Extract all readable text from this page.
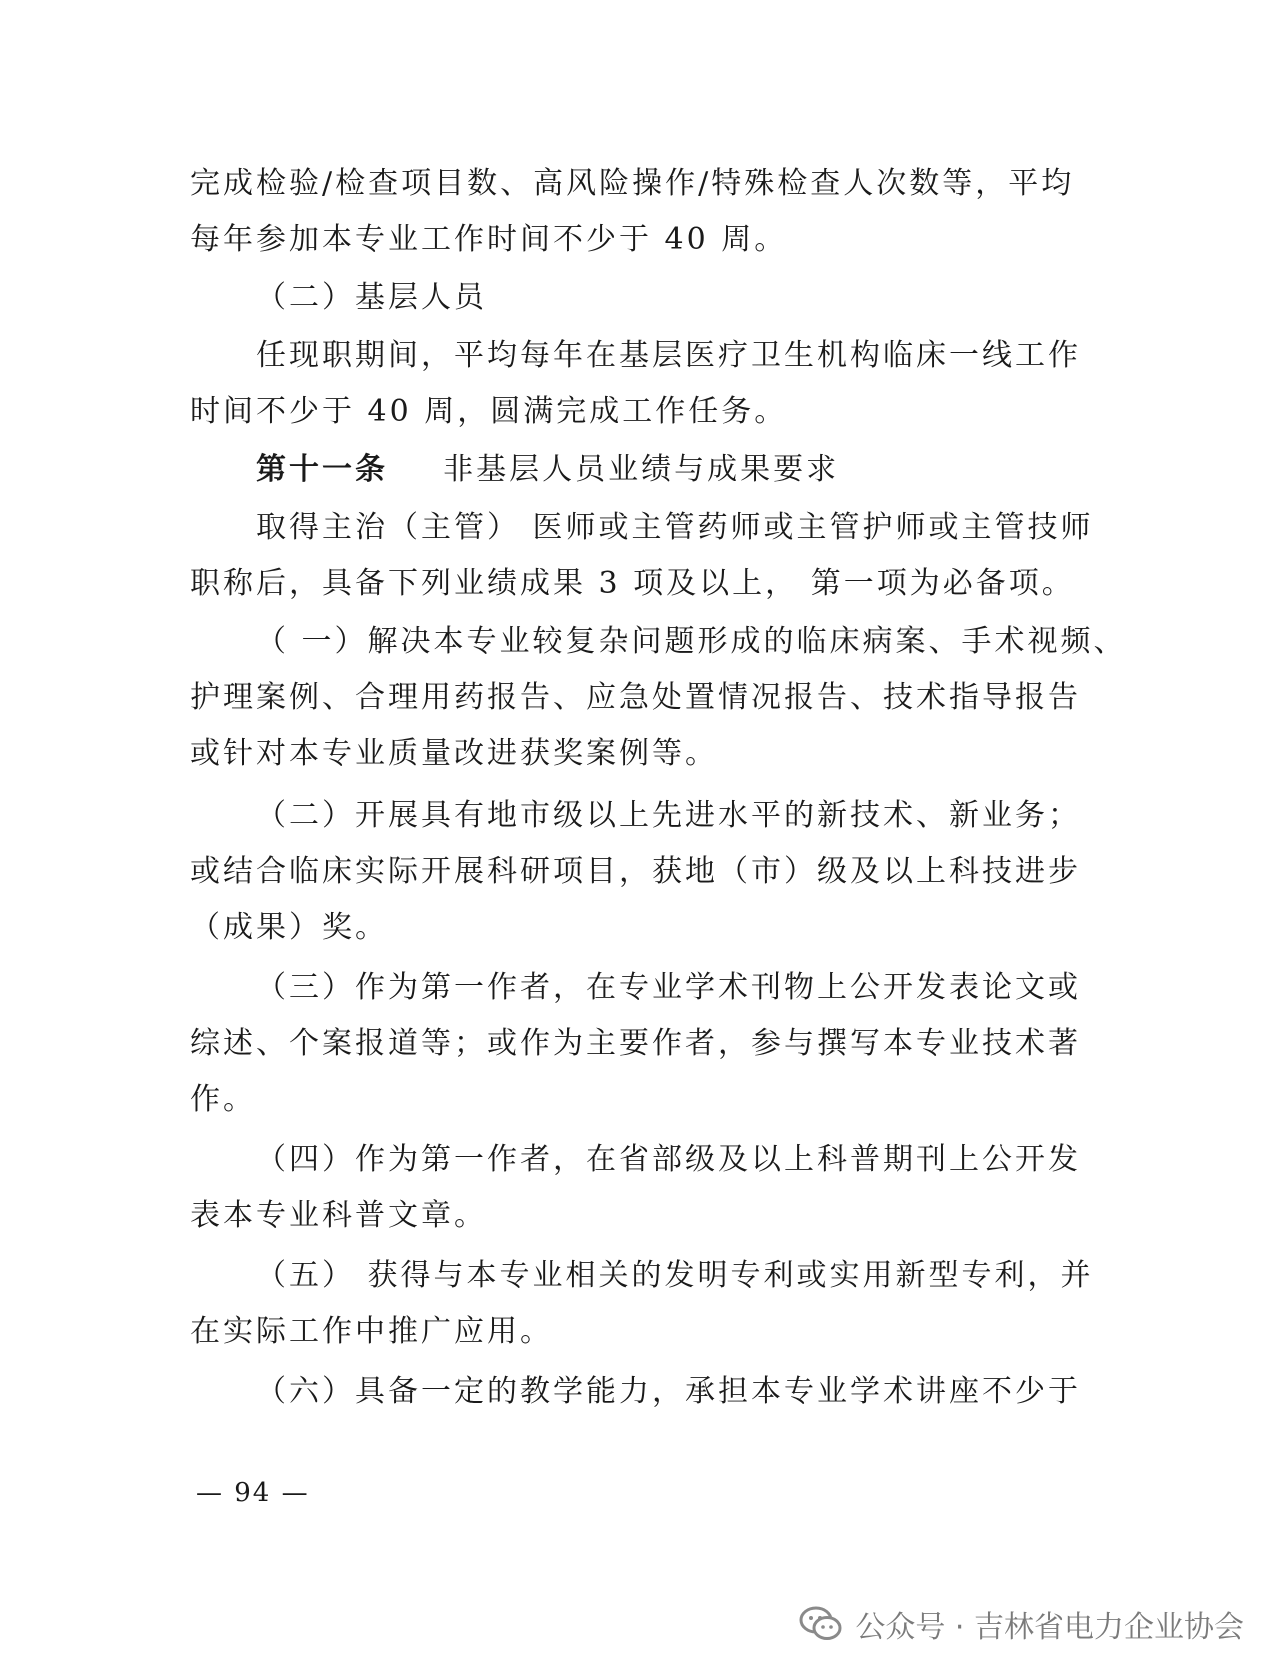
完成检验/检查项目数、高风险操作/特殊检查人次数等，平均
每年参加本专业工作时间不少于 40 周。
（二）基层人员
任现职期间，平均每年在基层医疗卫生机构临床一线工作
时间不少于 40 周，圆满完成工作任务。
第十一条 非基层人员业绩与成果要求
取得主治（主管） 医师或主管药师或主管护师或主管技师
职称后，具备下列业绩成果 3 项及以上， 第一项为必备项。
（ 一）解决本专业较复杂问题形成的临床病案、手术视频、
护理案例、合理用药报告、应急处置情况报告、技术指导报告
或针对本专业质量改进获奖案例等。
（二）开展具有地市级以上先进水平的新技术、新业务；
或结合临床实际开展科研项目，获地（市）级及以上科技进步
（成果）奖。
（三）作为第一作者，在专业学术刊物上公开发表论文或
综述、个案报道等；或作为主要作者，参与撰写本专业技术著
作。
（四）作为第一作者，在省部级及以上科普期刊上公开发
表本专业科普文章。
（五） 获得与本专业相关的发明专利或实用新型专利，并
在实际工作中推广应用。
（六）具备一定的教学能力，承担本专业学术讲座不少于
— 94 —
公众号 · 吉林省电力企业协会
